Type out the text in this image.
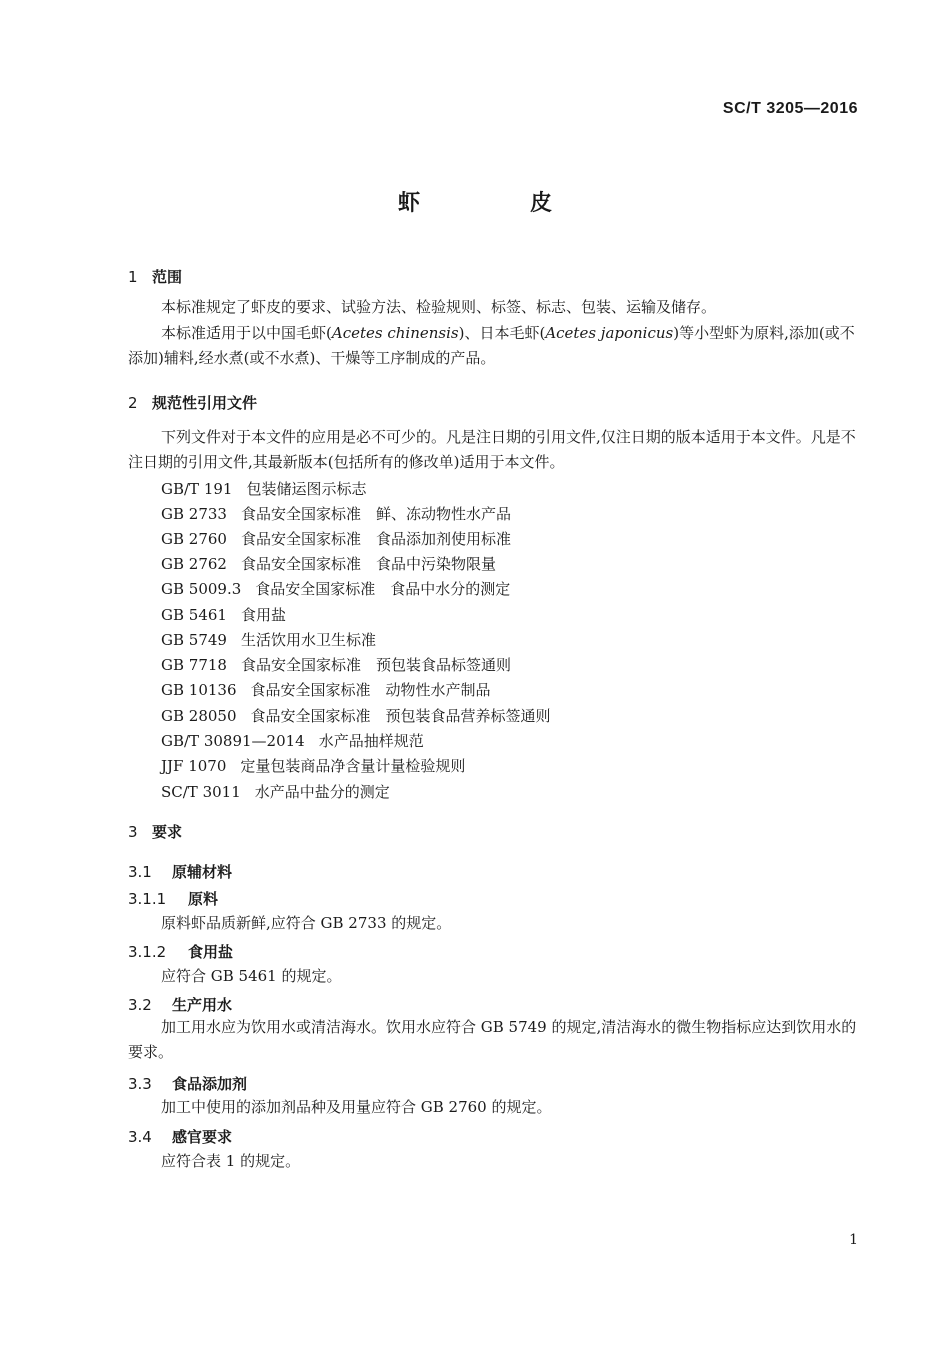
SC/T 3205—2016
虾　皮
1 范围
本标准规定了虾皮的要求、试验方法、检验规则、标签、标志、包装、运输及储存。
本标准适用于以中国毛虾(Acetes chinensis)、日本毛虾(Acetes japonicus)等小型虾为原料,添加(或不添加)辅料,经水煮(或不水煮)、干燥等工序制成的产品。
2 规范性引用文件
下列文件对于本文件的应用是必不可少的。凡是注日期的引用文件,仅注日期的版本适用于本文件。凡是不注日期的引用文件,其最新版本(包括所有的修改单)适用于本文件。
GB/T 191 包装储运图示标志
GB 2733 食品安全国家标准　鲜、冻动物性水产品
GB 2760 食品安全国家标准　食品添加剂使用标准
GB 2762 食品安全国家标准　食品中污染物限量
GB 5009.3 食品安全国家标准　食品中水分的测定
GB 5461 食用盐
GB 5749 生活饮用水卫生标准
GB 7718 食品安全国家标准　预包装食品标签通则
GB 10136 食品安全国家标准　动物性水产制品
GB 28050 食品安全国家标准　预包装食品营养标签通则
GB/T 30891—2014 水产品抽样规范
JJF 1070 定量包装商品净含量计量检验规则
SC/T 3011 水产品中盐分的测定
3 要求
3.1 原辅材料
3.1.1 原料
原料虾品质新鲜,应符合 GB 2733 的规定。
3.1.2 食用盐
应符合 GB 5461 的规定。
3.2 生产用水
加工用水应为饮用水或清洁海水。饮用水应符合 GB 5749 的规定,清洁海水的微生物指标应达到饮用水的要求。
3.3 食品添加剂
加工中使用的添加剂品种及用量应符合 GB 2760 的规定。
3.4 感官要求
应符合表 1 的规定。
1
